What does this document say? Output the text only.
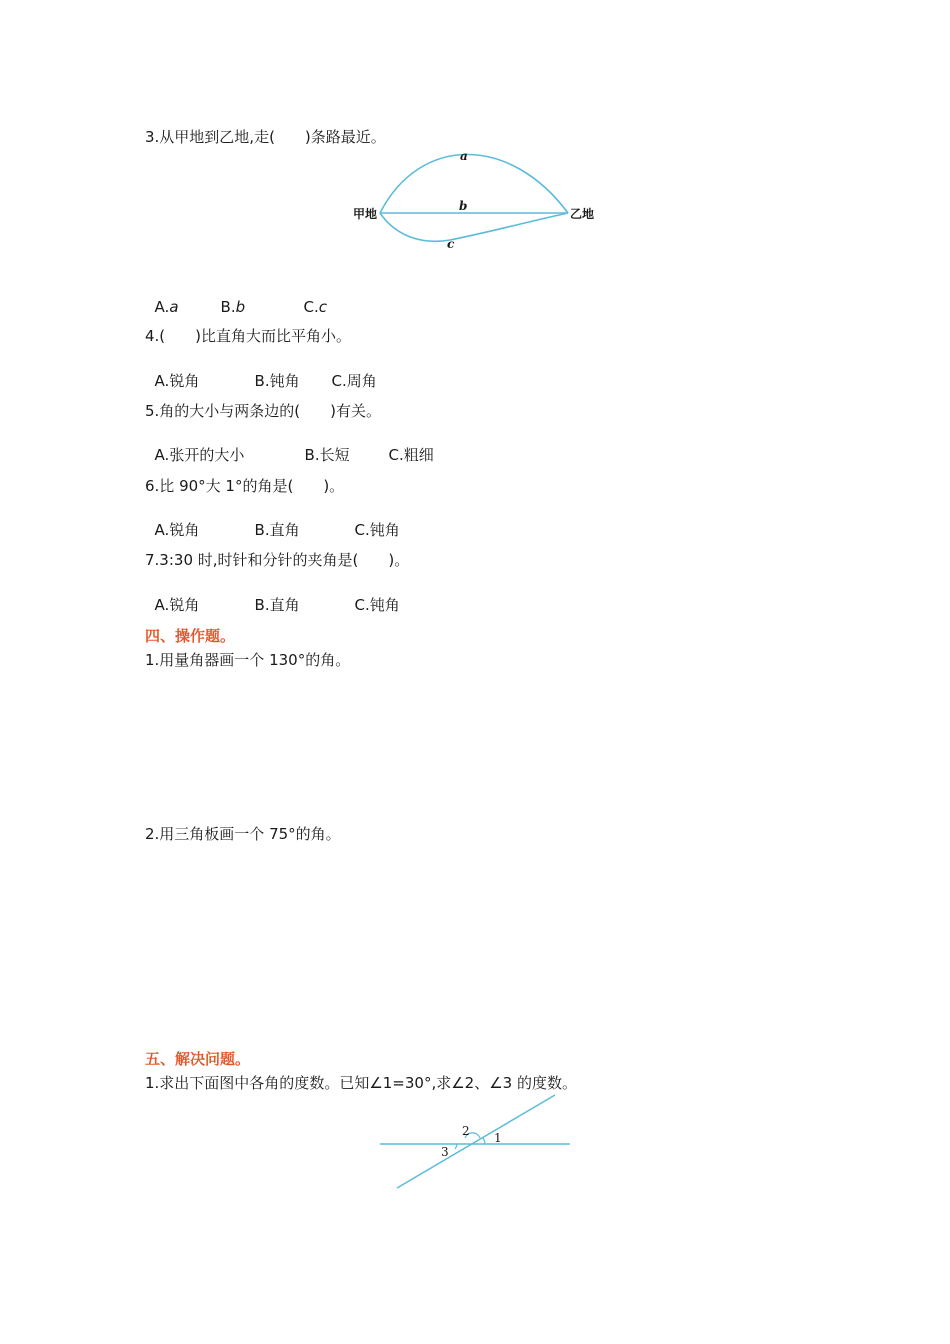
3.从甲地到乙地,走(　　)条路最近。
甲地	乙地
a
b
c

A.a	B.b	C.c

4.(　　)比直角大而比平角小。

A.锐角	B.钝角 C.周角

5.角的大小与两条边的(　　)有关。

A.张开的大小	B.长短	C.粗细

6.比 90°大 1°的角是(　　)。

A.锐角	B.直角	C.钝角

7.3:30 时,时针和分针的夹角是(　　)。

A.锐角	B.直角	C.钝角

四、操作题。
1.用量角器画一个 130°的角。
2.用三角板画一个 75°的角。
五、解决问题。
1.求出下面图中各角的度数。已知∠1=30°,求∠2、∠3 的度数。
1
2
3
